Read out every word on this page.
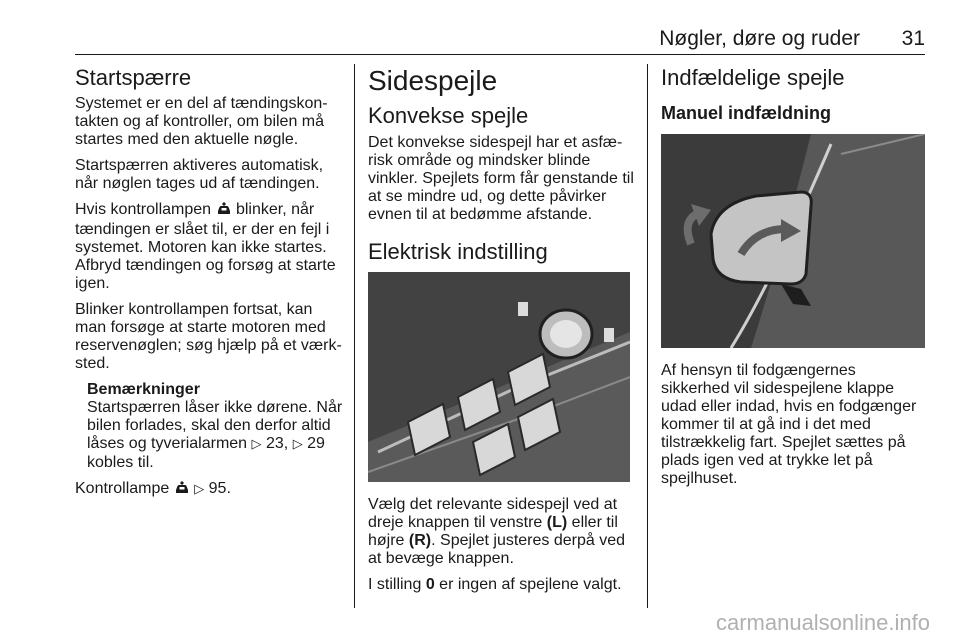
Nøgler, døre og ruder	31
Startspærre

Systemet er en del af tændingskon- takten og af kontroller, om bilen må startes med den aktuelle nøgle.

Startspærren aktiveres automatisk, når nøglen tages ud af tændingen.

Hvis kontrollampen blinker, når tændingen er slået til, er der en fejl i systemet. Motoren kan ikke startes. Afbryd tændingen og forsøg at starte igen.

Blinker kontrollampen fortsat, kan man forsøge at starte motoren med reservenøglen; søg hjælp på et værk- sted.

Bemærkninger
Startspærren låser ikke dørene. Når bilen forlades, skal den derfor altid låses og tyverialarmen ▷ 23, ▷ 29 kobles til.

Kontrollampe ▷ 95.

Sidespejle
Konvekse spejle

Det konvekse sidespejl har et asfæ- risk område og mindsker blinde vinkler. Spejlets form får genstande til at se mindre ud, og dette påvirker evnen til at bedømme afstande.

Elektrisk indstilling

Vælg det relevante sidespejl ved at dreje knappen til venstre (L) eller til højre (R). Spejlet justeres derpå ved at bevæge knappen.

I stilling 0 er ingen af spejlene valgt.

Indfældelige spejle
Manuel indfældning

Af hensyn til fodgængernes sikkerhed vil sidespejlene klappe udad eller indad, hvis en fodgænger kommer til at gå ind i det med tilstrækkelig fart. Spejlet sættes på plads igen ved at trykke let på spejlhuset.

carmanualsonline.info
